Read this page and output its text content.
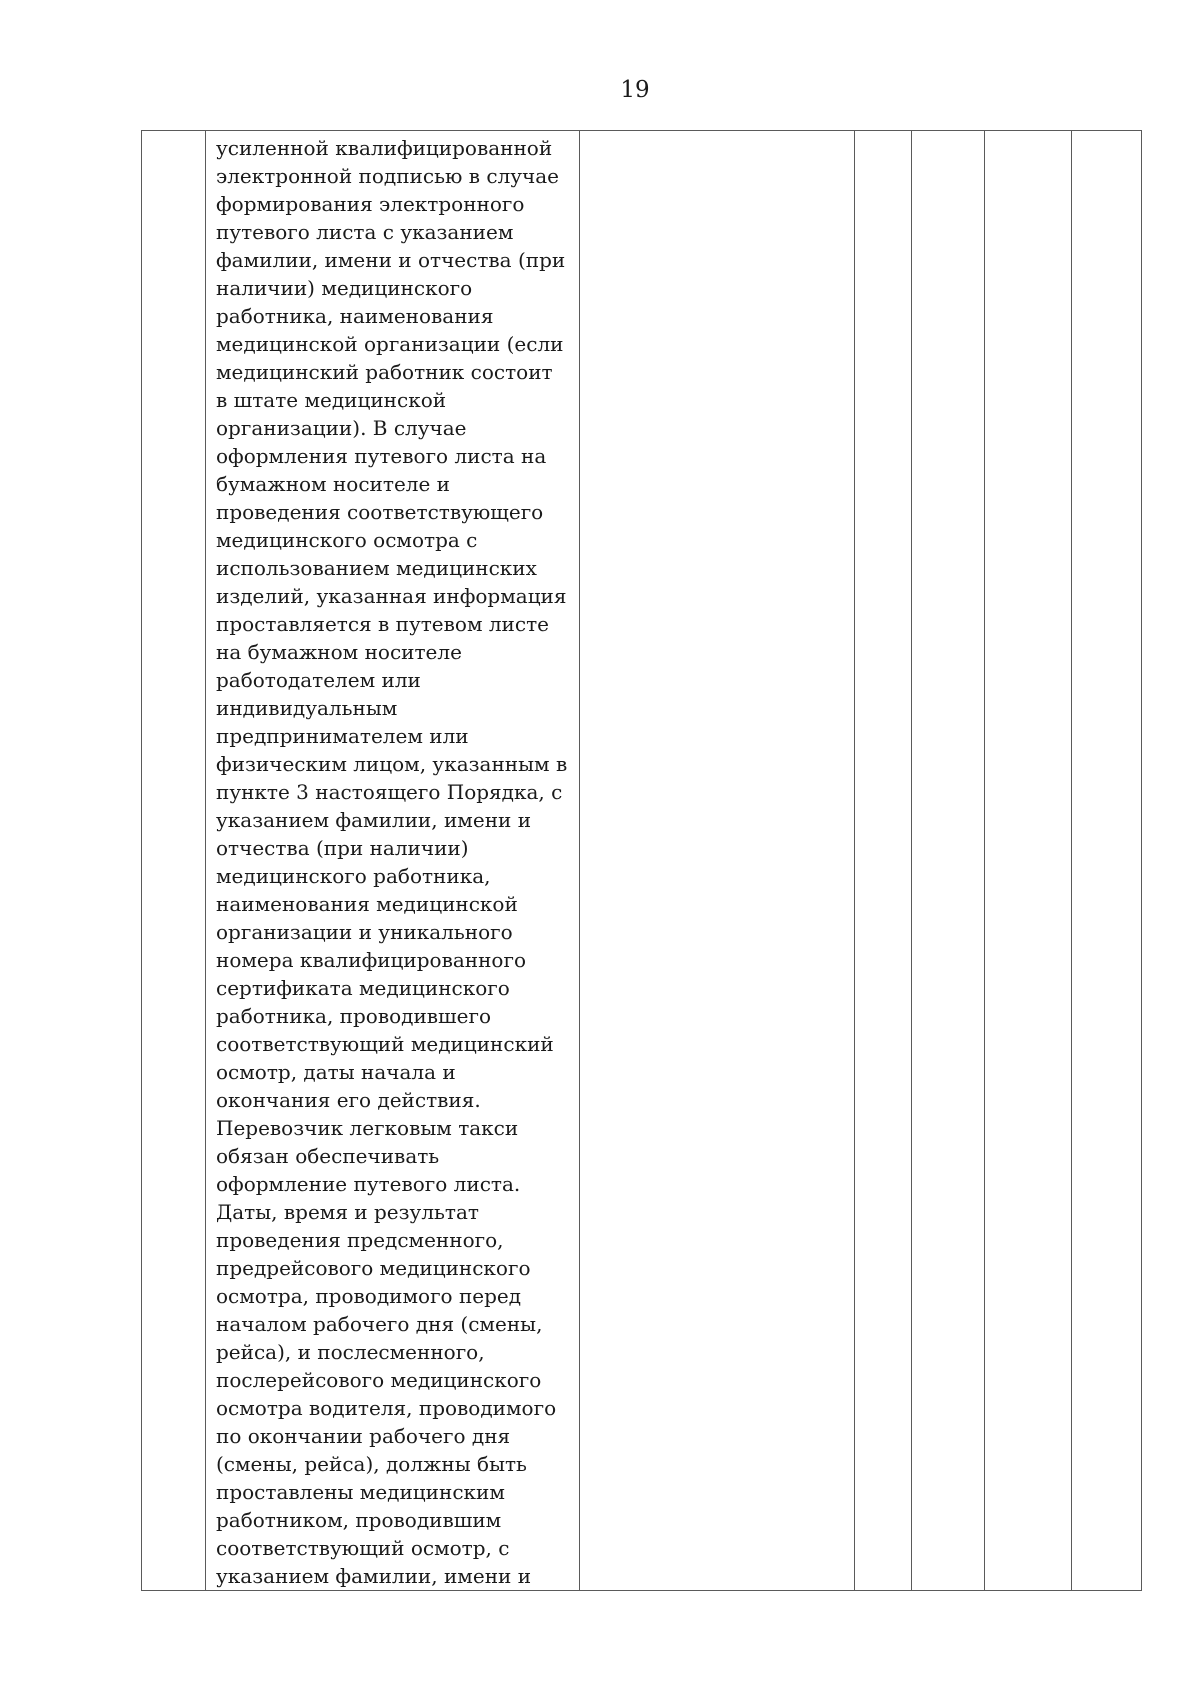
19

усиленной квалифицированной
электронной подписью в случае
формирования электронного
путевого листа с указанием
фамилии, имени и отчества (при
наличии) медицинского
работника, наименования
медицинской организации (если
медицинский работник состоит
в штате медицинской
организации). В случае
оформления путевого листа на
бумажном носителе и
проведения соответствующего
медицинского осмотра с
использованием медицинских
изделий, указанная информация
проставляется в путевом листе
на бумажном носителе
работодателем или
индивидуальным
предпринимателем или
физическим лицом, указанным в
пункте 3 настоящего Порядка, с
указанием фамилии, имени и
отчества (при наличии)
медицинского работника,
наименования медицинской
организации и уникального
номера квалифицированного
сертификата медицинского
работника, проводившего
соответствующий медицинский
осмотр, даты начала и
окончания его действия.
Перевозчик легковым такси
обязан обеспечивать
оформление путевого листа.
Даты, время и результат
проведения предсменного,
предрейсового медицинского
осмотра, проводимого перед
началом рабочего дня (смены,
рейса), и послесменного,
послерейсового медицинского
осмотра водителя, проводимого
по окончании рабочего дня
(смены, рейса), должны быть
проставлены медицинским
работником, проводившим
соответствующий осмотр, с
указанием фамилии, имени и
